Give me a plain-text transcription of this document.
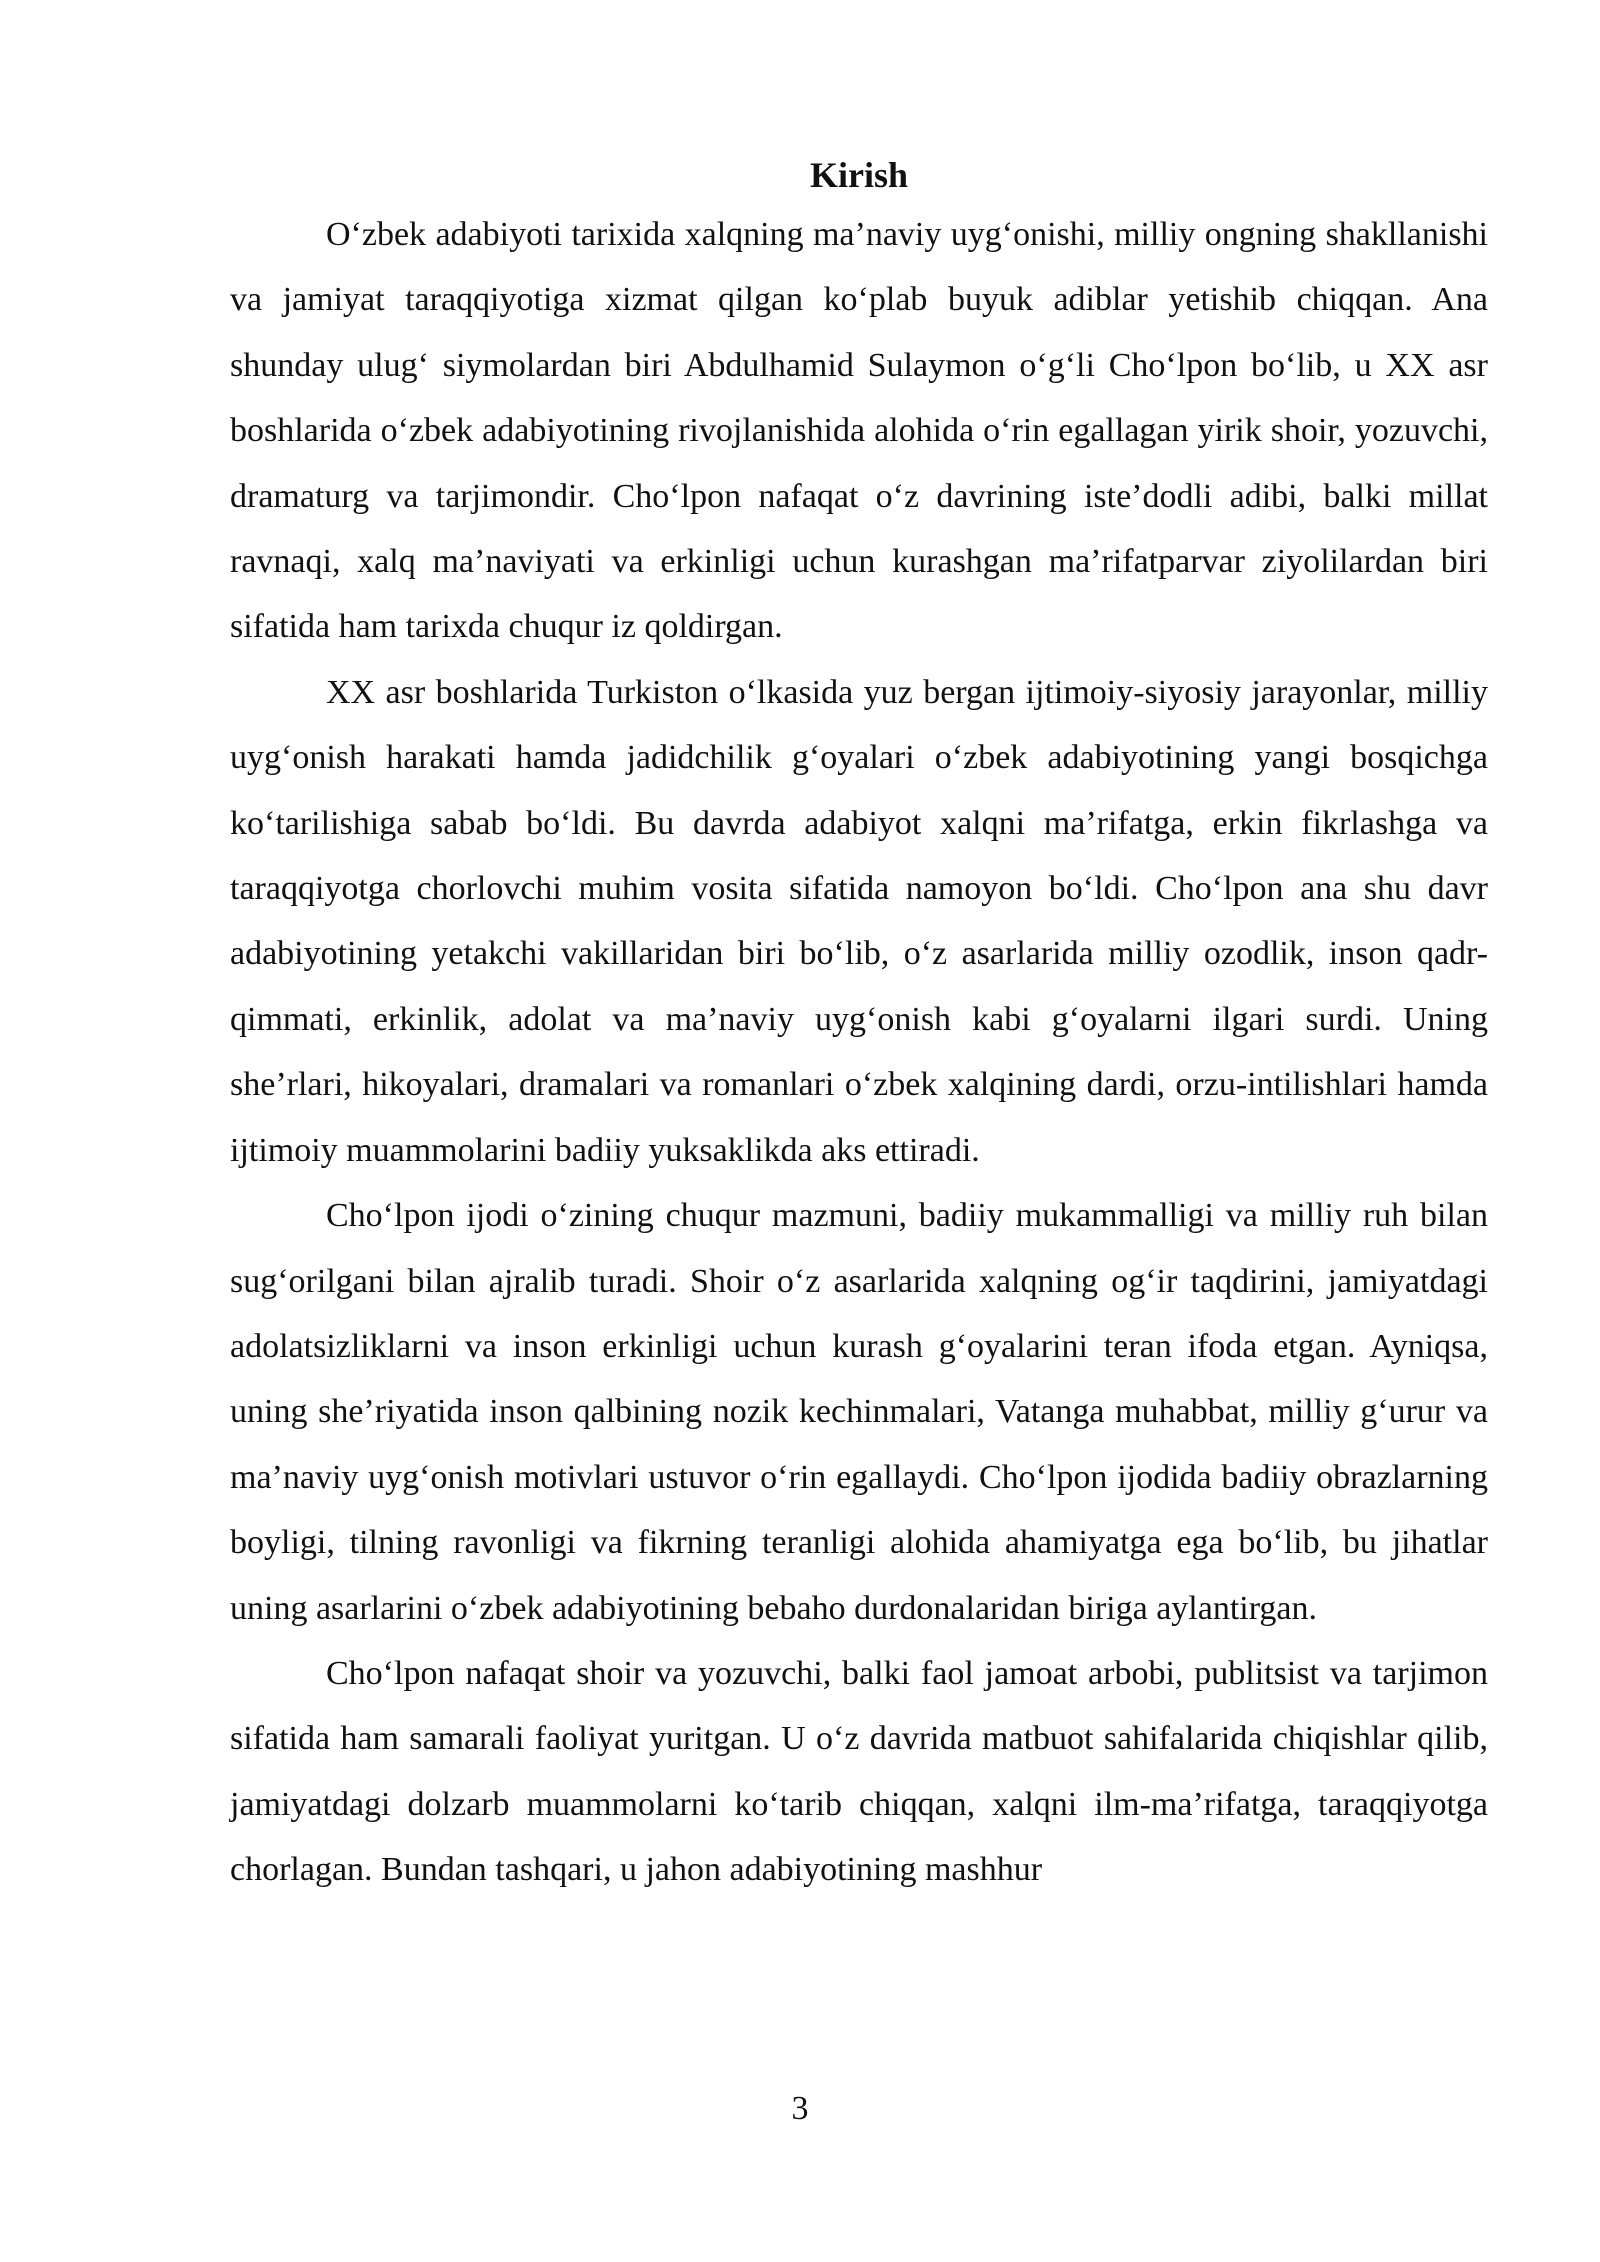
Kirish

O‘zbek adabiyoti tarixida xalqning ma’naviy uyg‘onishi, milliy ongning shakllanishi va jamiyat taraqqiyotiga xizmat qilgan ko‘plab buyuk adiblar yetishib chiqqan. Ana shunday ulug‘ siymolardan biri Abdulhamid Sulaymon o‘g‘li Cho‘lpon bo‘lib, u XX asr boshlarida o‘zbek adabiyotining rivojlanishida alohida o‘rin egallagan yirik shoir, yozuvchi, dramaturg va tarjimondir. Cho‘lpon nafaqat o‘z davrining iste’dodli adibi, balki millat ravnaqi, xalq ma’naviyati va erkinligi uchun kurashgan ma’rifatparvar ziyolilardan biri sifatida ham tarixda chuqur iz qoldirgan.

XX asr boshlarida Turkiston o‘lkasida yuz bergan ijtimoiy-siyosiy jarayonlar, milliy uyg‘onish harakati hamda jadidchilik g‘oyalari o‘zbek adabiyotining yangi bosqichga ko‘tarilishiga sabab bo‘ldi. Bu davrda adabiyot xalqni ma’rifatga, erkin fikrlashga va taraqqiyotga chorlovchi muhim vosita sifatida namoyon bo‘ldi. Cho‘lpon ana shu davr adabiyotining yetakchi vakillaridan biri bo‘lib, o‘z asarlarida milliy ozodlik, inson qadr-qimmati, erkinlik, adolat va ma’naviy uyg‘onish kabi g‘oyalarni ilgari surdi. Uning she’rlari, hikoyalari, dramalari va romanlari o‘zbek xalqining dardi, orzu-intilishlari hamda ijtimoiy muammolarini badiiy yuksaklikda aks ettiradi.

Cho‘lpon ijodi o‘zining chuqur mazmuni, badiiy mukammalligi va milliy ruh bilan sug‘orilgani bilan ajralib turadi. Shoir o‘z asarlarida xalqning og‘ir taqdirini, jamiyatdagi adolatsizliklarni va inson erkinligi uchun kurash g‘oyalarini teran ifoda etgan. Ayniqsa, uning she’riyatida inson qalbining nozik kechinmalari, Vatanga muhabbat, milliy g‘urur va ma’naviy uyg‘onish motivlari ustuvor o‘rin egallaydi. Cho‘lpon ijodida badiiy obrazlarning boyligi, tilning ravonligi va fikrning teranligi alohida ahamiyatga ega bo‘lib, bu jihatlar uning asarlarini o‘zbek adabiyotining bebaho durdonalaridan biriga aylantirgan.

Cho‘lpon nafaqat shoir va yozuvchi, balki faol jamoat arbobi, publitsist va tarjimon sifatida ham samarali faoliyat yuritgan. U o‘z davrida matbuot sahifalarida chiqishlar qilib, jamiyatdagi dolzarb muammolarni ko‘tarib chiqqan, xalqni ilm-ma’rifatga, taraqqiyotga chorlagan. Bundan tashqari, u jahon adabiyotining mashhur

3
